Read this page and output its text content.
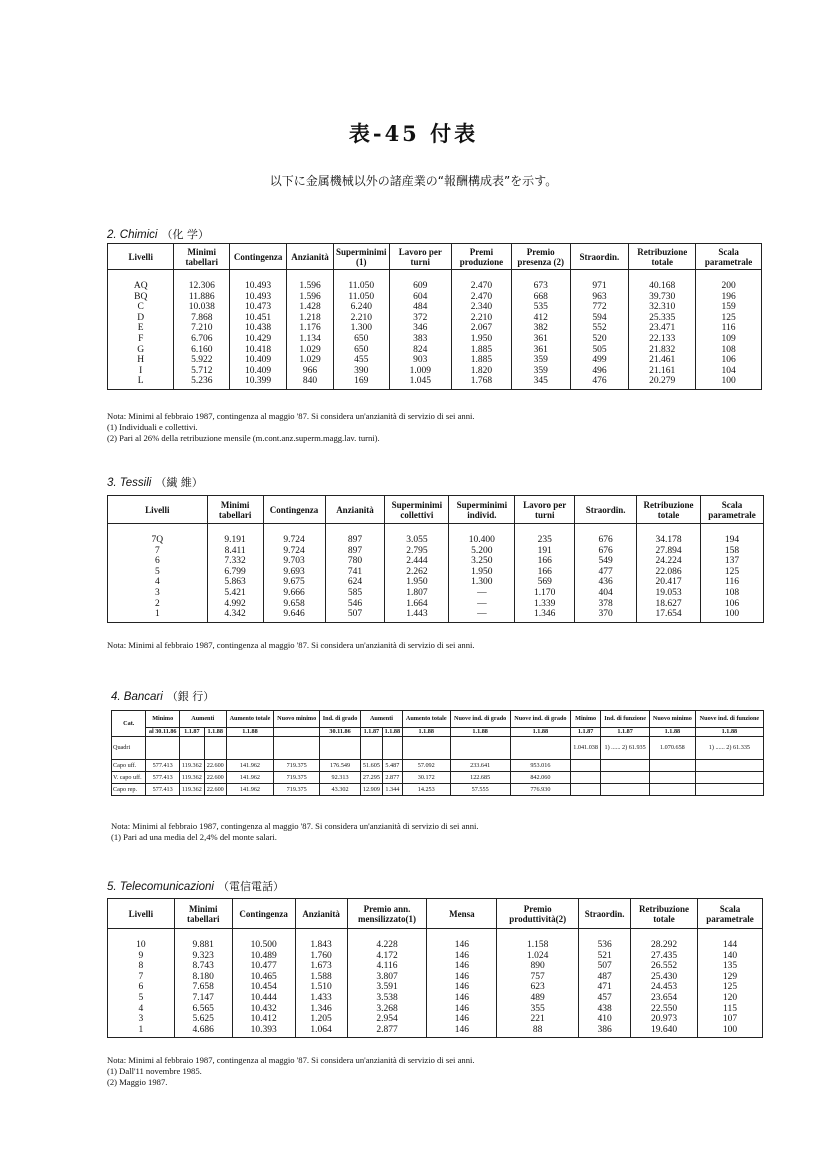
表-45 付表
以下に金属機械以外の諸産業の“報酬構成表”を示す。
2. Chimici （化 学）
Livelli	Minimi tabellari	Contingenza	Anzianità	Superminimi (1)	Lavoro per turni	Premi produzione	Premio presenza (2)	Straordin.	Retribuzione totale	Scala parametrale
AQ	12.306	10.493	1.596	11.050	609	2.470	673	971	40.168	200
BQ	11.886	10.493	1.596	11.050	604	2.470	668	963	39.730	196
C	10.038	10.473	1.428	6.240	484	2.340	535	772	32.310	159
D	7.868	10.451	1.218	2.210	372	2.210	412	594	25.335	125
E	7.210	10.438	1.176	1.300	346	2.067	382	552	23.471	116
F	6.706	10.429	1.134	650	383	1.950	361	520	22.133	109
G	6.160	10.418	1.029	650	824	1.885	361	505	21.832	108
H	5.922	10.409	1.029	455	903	1.885	359	499	21.461	106
I	5.712	10.409	966	390	1.009	1.820	359	496	21.161	104
L	5.236	10.399	840	169	1.045	1.768	345	476	20.279	100
Nota: Minimi al febbraio 1987, contingenza al maggio '87. Si considera un'anzianità di servizio di sei anni.
(1) Individuali e collettivi.
(2) Pari al 26% della retribuzione mensile (m.cont.anz.superm.magg.lav. turni).
3. Tessili （繊 維）
Livelli	Minimi tabellari	Contingenza	Anzianità	Superminimi collettivi	Superminimi individ.	Lavoro per turni	Straordin.	Retribuzione totale	Scala parametrale
7Q	9.191	9.724	897	3.055	10.400	235	676	34.178	194
7	8.411	9.724	897	2.795	5.200	191	676	27.894	158
6	7.332	9.703	780	2.444	3.250	166	549	24.224	137
5	6.799	9.693	741	2.262	1.950	166	477	22.086	125
4	5.863	9.675	624	1.950	1.300	569	436	20.417	116
3	5.421	9.666	585	1.807	—	1.170	404	19.053	108
2	4.992	9.658	546	1.664	—	1.339	378	18.627	106
1	4.342	9.646	507	1.443	—	1.346	370	17.654	100
Nota: Minimi al febbraio 1987, contingenza al maggio '87. Si considera un'anzianità di servizio di sei anni.
4. Bancari （銀 行）
Cat.	Minimo	Aumenti		Aumento totale	Nuovo minimo	Ind. di grado	Aumenti		Aumento totale	Nuove ind. di grado	Nuove ind. di grado	Minimo	Ind. di funzione	Nuovo minimo	Nuove ind. di funzione
	al 30.11.86	1.1.87	1.1.88	1.1.88		30.11.86	1.1.87	1.1.88	1.1.88	1.1.88	1.1.88	1.1.87	1.1.87	1.1.88	1.1.88
Quadri												1.041.038	1) ...... 2) 61.935	1.070.658	1) ...... 2) 61.335
Capo uff.	577.413	119.362	22.600	141.962	719.375	176.549	51.605	5.487	57.092	233.641	953.016				
V. capo uff.	577.413	119.362	22.600	141.962	719.375	92.313	27.295	2.877	30.172	122.685	842.060				
Capo rep.	577.413	119.362	22.600	141.962	719.375	43.302	12.909	1.344	14.253	57.555	776.930				
Nota: Minimi al febbraio 1987, contingenza al maggio '87. Si considera un'anzianità di servizio di sei anni.
(1) Pari ad una media del 2,4% del monte salari.
5. Telecomunicazioni （電信電話）
Livelli	Minimi tabellari	Contingenza	Anzianità	Premio ann. mensilizzato(1)	Mensa	Premio produttività(2)	Straordin.	Retribuzione totale	Scala parametrale
10	9.881	10.500	1.843	4.228	146	1.158	536	28.292	144
9	9.323	10.489	1.760	4.172	146	1.024	521	27.435	140
8	8.743	10.477	1.673	4.116	146	890	507	26.552	135
7	8.180	10.465	1.588	3.807	146	757	487	25.430	129
6	7.658	10.454	1.510	3.591	146	623	471	24.453	125
5	7.147	10.444	1.433	3.538	146	489	457	23.654	120
4	6.565	10.432	1.346	3.268	146	355	438	22.550	115
3	5.625	10.412	1.205	2.954	146	221	410	20.973	107
1	4.686	10.393	1.064	2.877	146	88	386	19.640	100
Nota: Minimi al febbraio 1987, contingenza al maggio '87. Si considera un'anzianità di servizio di sei anni.
(1) Dall'11 novembre 1985.
(2) Maggio 1987.
